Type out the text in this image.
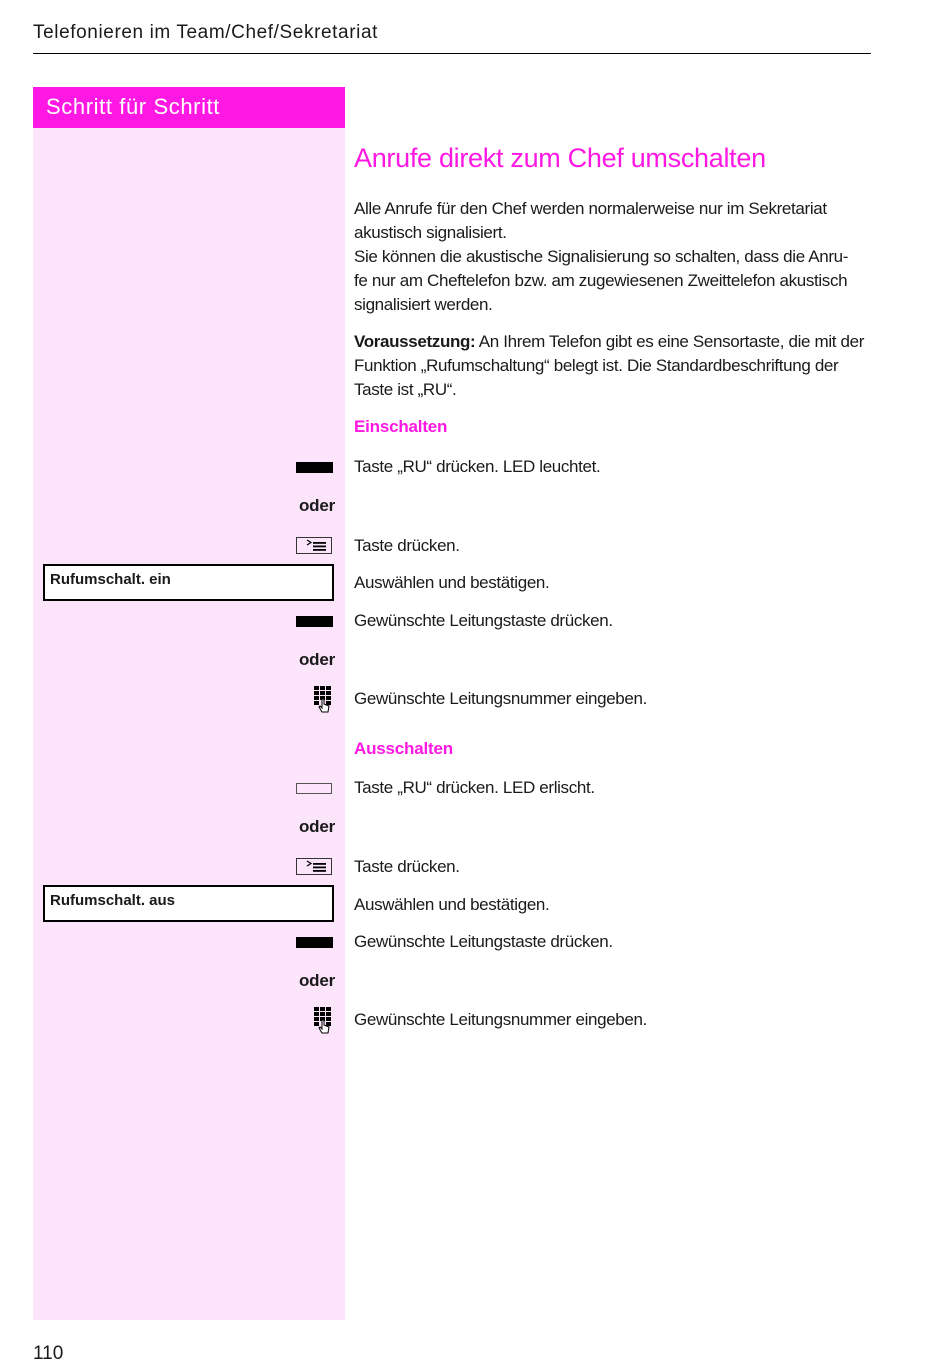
Telefonieren im Team/Chef/Sekretariat
Schritt für Schritt
Anrufe direkt zum Chef umschalten
Alle Anrufe für den Chef werden normalerweise nur im Sekretariat
akustisch signalisiert.
Sie können die akustische Signalisierung so schalten, dass die Anru-
fe nur am Cheftelefon bzw. am zugewiesenen Zweittelefon akustisch
signalisiert werden.
Voraussetzung: An Ihrem Telefon gibt es eine Sensortaste, die mit der
Funktion „Rufumschaltung“ belegt ist. Die Standardbeschriftung der
Taste ist „RU“.
Einschalten
Taste „RU“ drücken. LED leuchtet.
oder
Taste drücken.
Rufumschalt. ein	Auswählen und bestätigen.
Gewünschte Leitungstaste drücken.
oder
Gewünschte Leitungsnummer eingeben.
Ausschalten
Taste „RU“ drücken. LED erlischt.
oder
Taste drücken.
Rufumschalt. aus	Auswählen und bestätigen.
Gewünschte Leitungstaste drücken.
oder
Gewünschte Leitungsnummer eingeben.
110
